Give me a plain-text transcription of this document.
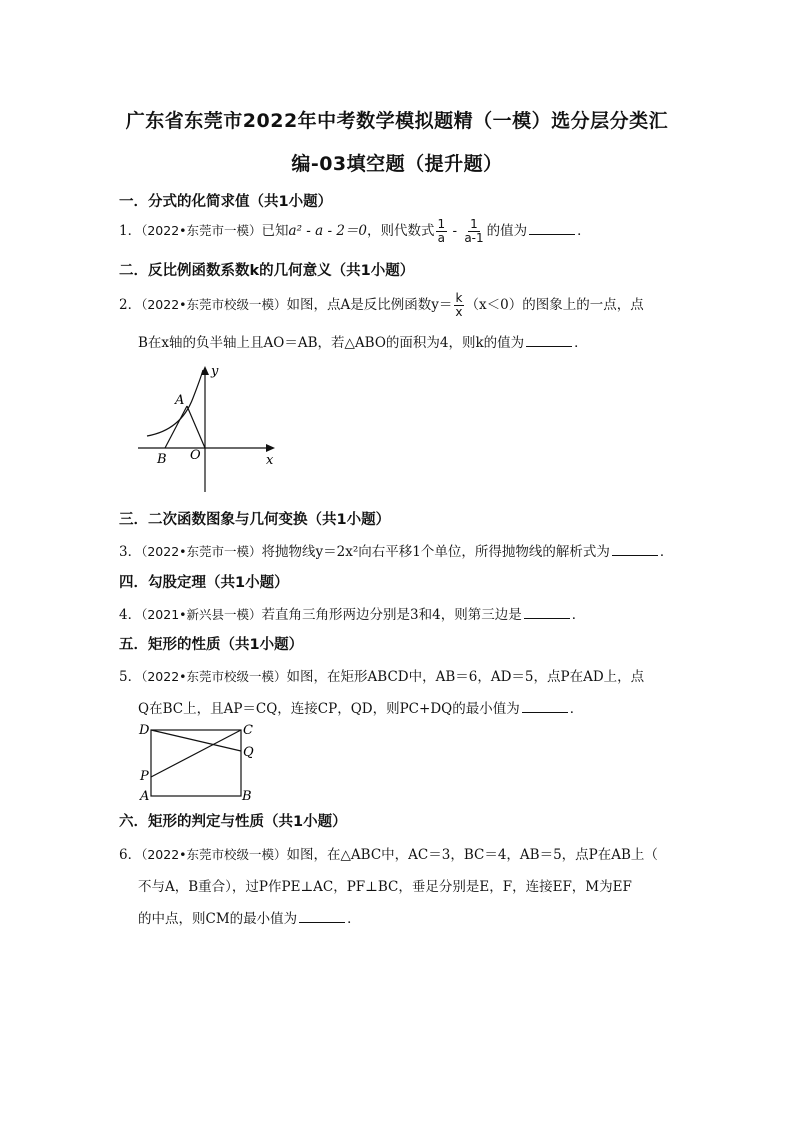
广东省东莞市2022年中考数学模拟题精（一模）选分层分类汇
编-03填空题（提升题）
一．分式的化简求值（共1小题）
1．（2022•东莞市一模）已知a² - a - 2＝0，则代数式 $\frac{1}{a} - \frac{1}{a-1}$ 的值为	．
二．反比例函数系数k的几何意义（共1小题）
2．（2022•东莞市校级一模）如图，点A是反比例函数$y= \frac{k}{x} (x<0)$的图象上的一点，点
B在x轴的负半轴上且AO＝AB，若△ABO的面积为4，则k的值为	．
A
B O	x
y
三．二次函数图象与几何变换（共1小题）
3．（2022•东莞市一模）将抛物线y＝2x²向右平移1个单位，所得抛物线的解析式为	．
四．勾股定理（共1小题）
4．（2021•新兴县一模）若直角三角形两边分别是3和4，则第三边是	．
五．矩形的性质（共1小题）
5．（2022•东莞市校级一模）如图，在矩形ABCD中，AB＝6，AD＝5，点P在AD上，点
Q在BC上，且AP＝CQ，连接CP，QD，则PC+DQ的最小值为	．
D	C
Q
P
A	B
六．矩形的判定与性质（共1小题）
6．（2022•东莞市校级一模）如图，在△ABC中，AC＝3，BC＝4，AB＝5，点P在AB上（
不与A，B重合），过P作PE⊥AC，PF⊥BC，垂足分别是E，F，连接EF，M为EF
的中点，则CM的最小值为	．
